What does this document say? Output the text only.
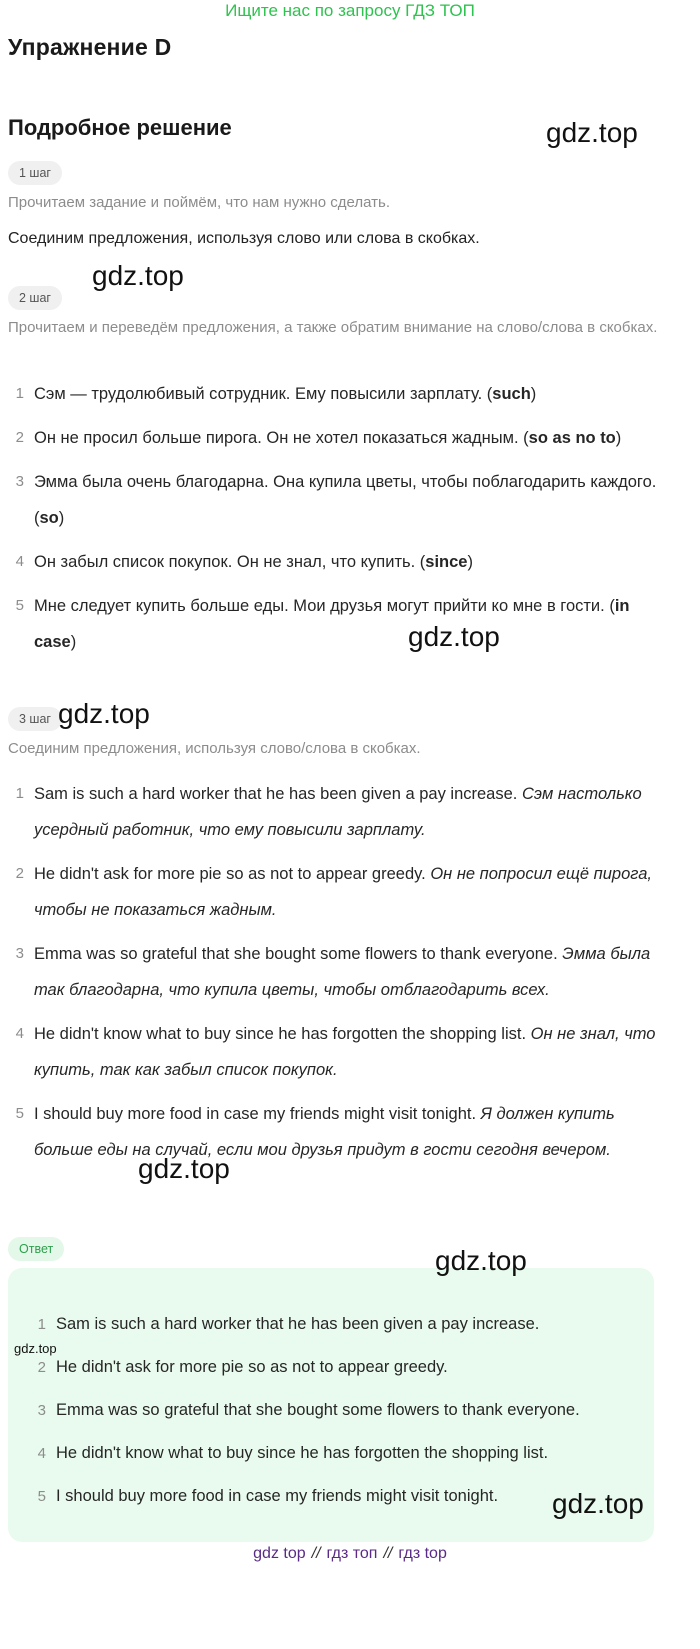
Ищите нас по запросу ГДЗ ТОП
Упражнение D
Подробное решение	gdz.top
1 шаг
Прочитаем задание и поймём, что нам нужно сделать.
Соединим предложения, используя слово или слова в скобках.
gdz.top
2 шаг
Прочитаем и переведём предложения, а также обратим внимание на слово/слова в скобках.
1 Сэм — трудолюбивый сотрудник. Ему повысили зарплату. (such)
2 Он не просил больше пирога. Он не хотел показаться жадным. (so as no to)
3 Эмма была очень благодарна. Она купила цветы, чтобы поблагодарить каждого. (so)
4 Он забыл список покупок. Он не знал, что купить. (since)
5 Мне следует купить больше еды. Мои друзья могут прийти ко мне в гости. (in case)	gdz.top
3 шаг gdz.top
Соединим предложения, используя слово/слова в скобках.
1 Sam is such a hard worker that he has been given a pay increase. Сэм настолько усердный работник, что ему повысили зарплату.
2 He didn't ask for more pie so as not to appear greedy. Он не попросил ещё пирога, чтобы не показаться жадным.
3 Emma was so grateful that she bought some flowers to thank everyone. Эмма была так благодарна, что купила цветы, чтобы отблагодарить всех.
4 He didn't know what to buy since he has forgotten the shopping list. Он не знал, что купить, так как забыл список покупок.
5 I should buy more food in case my friends might visit tonight. Я должен купить больше еды на случай, если мои друзья придут в гости сегодня вечером.
gdz.top
Ответ	gdz.top
gdz.top
1 Sam is such a hard worker that he has been given a pay increase.
2 He didn't ask for more pie so as not to appear greedy.
3 Emma was so grateful that she bought some flowers to thank everyone.
4 He didn't know what to buy since he has forgotten the shopping list.
5 I should buy more food in case my friends might visit tonight.	gdz.top
gdz top // гдз топ // гдз top
